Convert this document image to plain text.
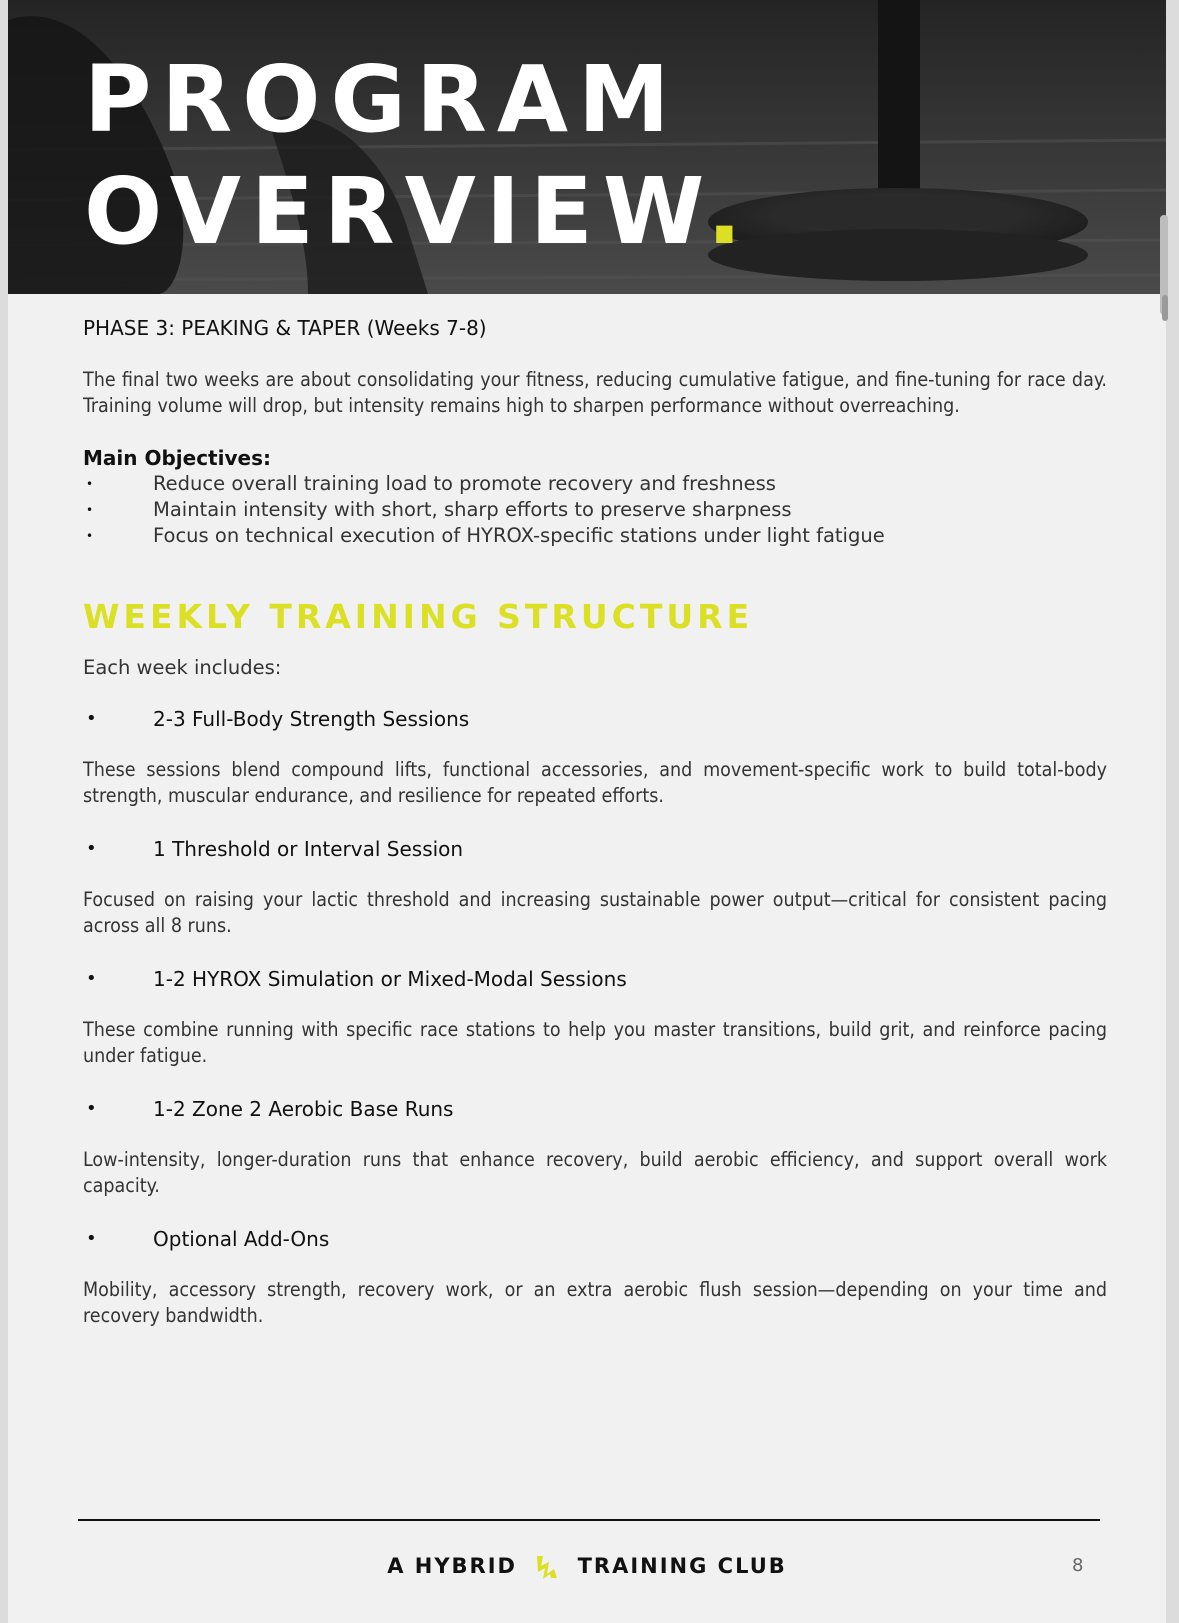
PROGRAM
OVERVIEW.

PHASE 3: PEAKING & TAPER (Weeks 7-8)

The final two weeks are about consolidating your fitness, reducing cumulative fatigue, and fine-tuning for race day. Training volume will drop, but intensity remains high to sharpen performance without overreaching.

Main Objectives:

•	Reduce overall training load to promote recovery and freshness
•	Maintain intensity with short, sharp efforts to preserve sharpness
•	Focus on technical execution of HYROX-specific stations under light fatigue
WEEKLY TRAINING STRUCTURE

Each week includes:

•	2-3 Full-Body Strength Sessions

These sessions blend compound lifts, functional accessories, and movement-specific work to build total-body strength, muscular endurance, and resilience for repeated efforts.

•	1 Threshold or Interval Session

Focused on raising your lactic threshold and increasing sustainable power output—critical for consistent pacing across all 8 runs.

•	1-2 HYROX Simulation or Mixed-Modal Sessions

These combine running with specific race stations to help you master transitions, build grit, and reinforce pacing under fatigue.

•	1-2 Zone 2 Aerobic Base Runs

Low-intensity, longer-duration runs that enhance recovery, build aerobic efficiency, and support overall work capacity.

•	Optional Add-Ons

Mobility, accessory strength, recovery work, or an extra aerobic flush session—depending on your time and recovery bandwidth.

A HYBRID	TRAINING CLUB	8
